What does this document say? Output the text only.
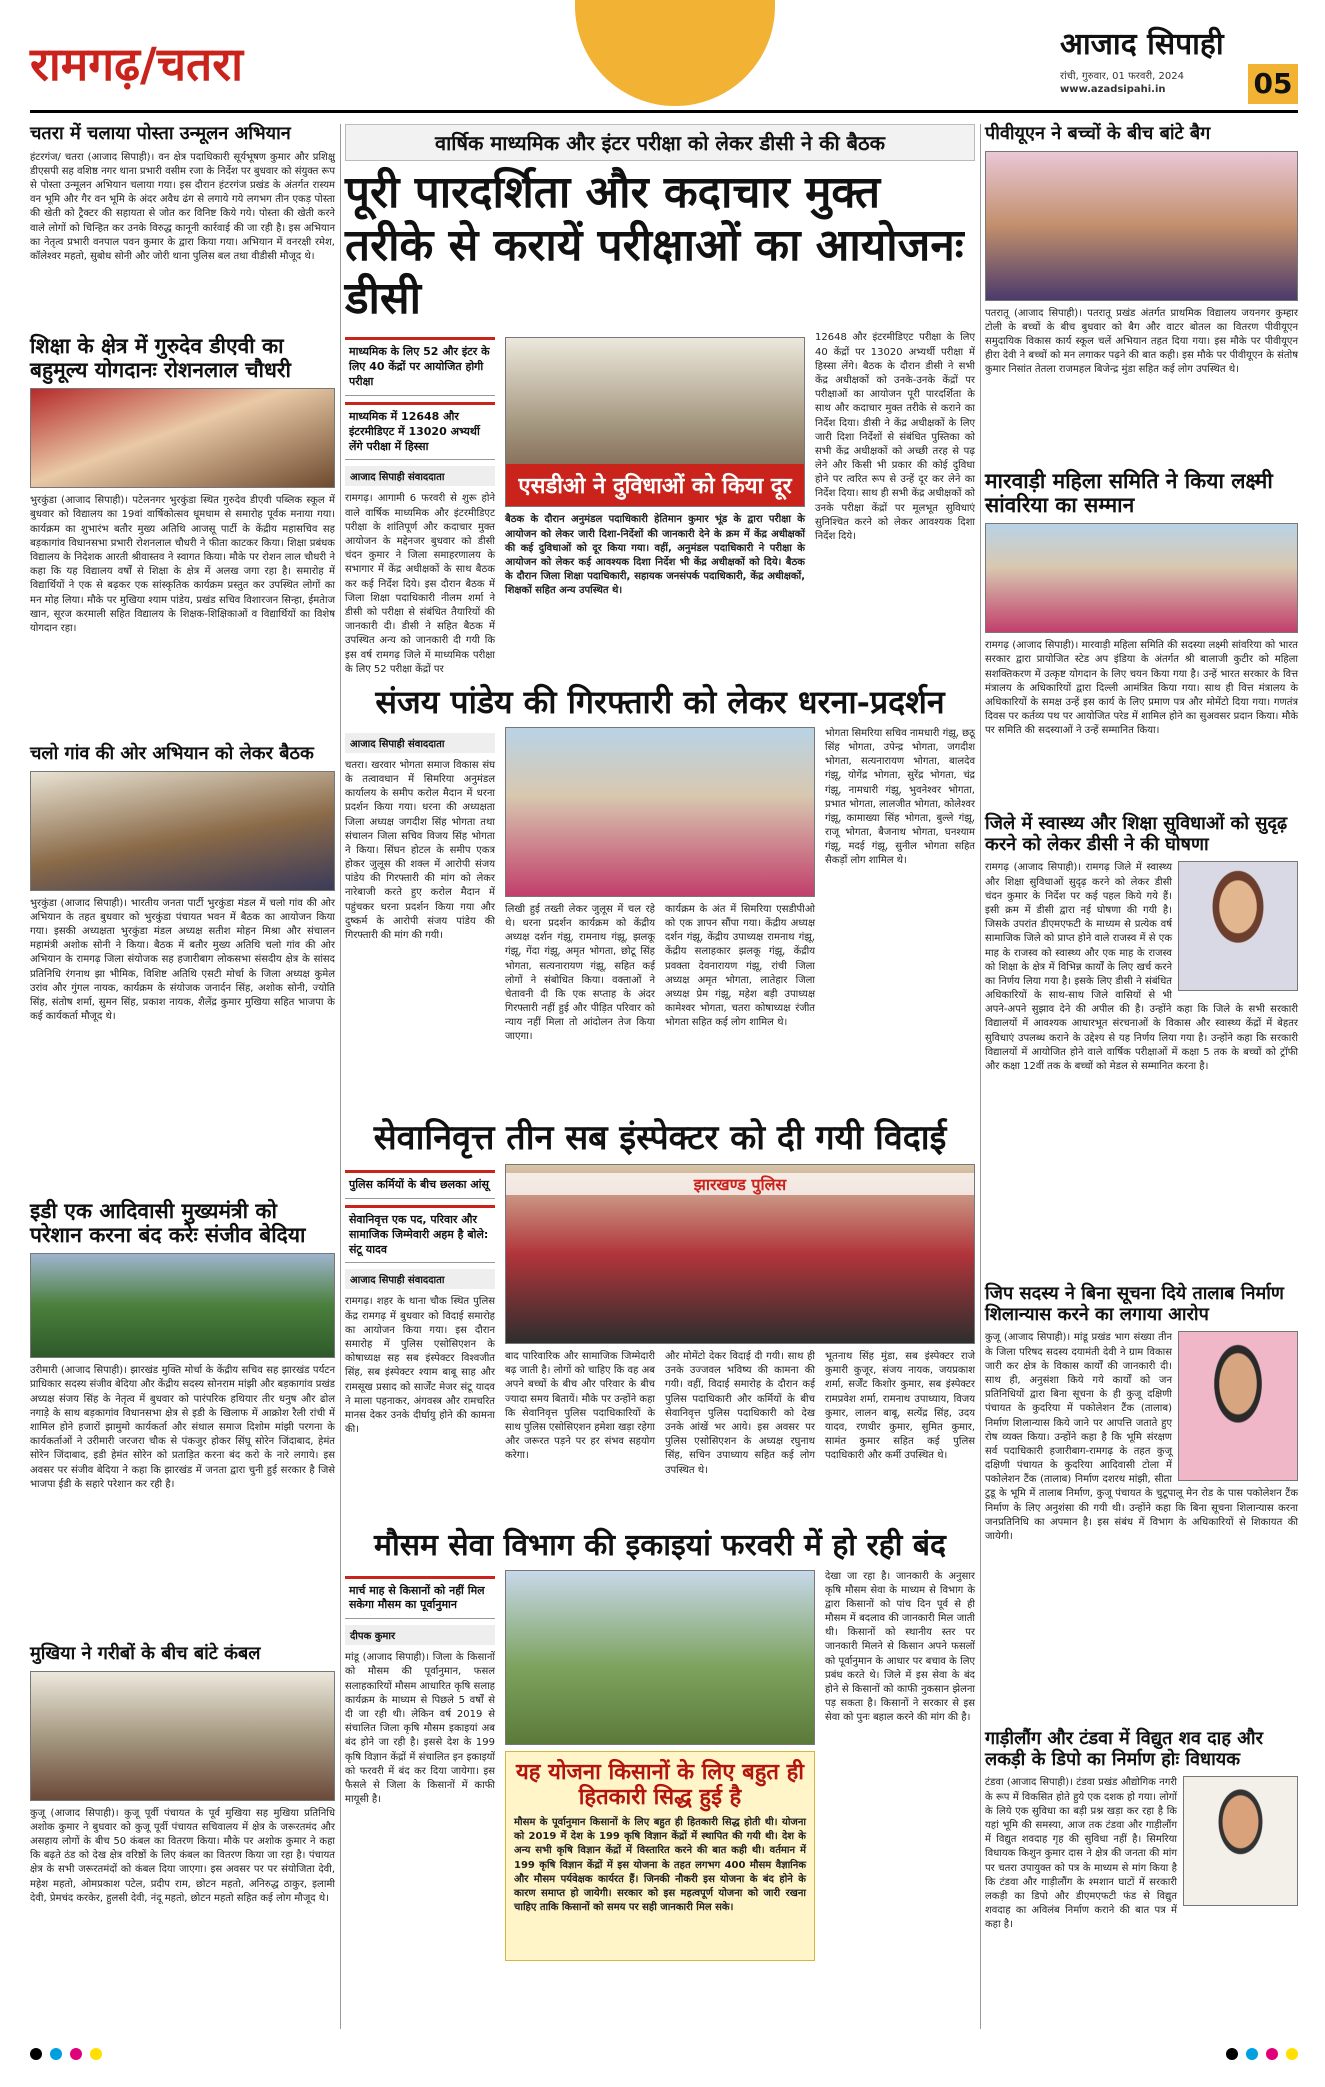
रामगढ़/चतरा	आजाद सिपाही
रांची, गुरुवार, 01 फरवरी, 2024
www.azadsipahi.in	05
चतरा में चलाया पोस्ता उन्मूलन अभियान
हंटरगंज/ चतरा (आजाद सिपाही)। वन क्षेत्र पदाधिकारी सूर्यभूषण कुमार और प्रशिक्षु डीएसपी सह वशिष्ठ नगर थाना प्रभारी वसीम रजा के निर्देश पर बुधवार को संयुक्त रूप से पोस्ता उन्मूलन अभियान चलाया गया। इस दौरान हंटरगंज प्रखंड के अंतर्गत रास्यम वन भूमि और गैर वन भूमि के अंदर अवैध ढंग से लगाये गये लगभग तीन एकड़ पोस्ता की खेती को ट्रैक्टर की सहायता से जोत कर विनिष्ट किये गये। पोस्ता की खेती करने वाले लोगों को चिन्हित कर उनके विरुद्ध कानूनी कार्रवाई की जा रही है। इस अभियान का नेतृत्व प्रभारी वनपाल पवन कुमार के द्वारा किया गया। अभियान में वनरक्षी रमेश, कॉलेश्वर महतो, सुबोध सोनी और जोरी थाना पुलिस बल तथा वीडीसी मौजूद थे।
शिक्षा के क्षेत्र में गुरुदेव डीएवी का बहुमूल्य योगदानः रोशनलाल चौधरी
भुरकुंडा (आजाद सिपाही)। पटेलनगर भुरकुंडा स्थित गुरुदेव डीएवी पब्लिक स्कूल में बुधवार को विद्यालय का 19वां वार्षिकोत्सव धूमधाम से समारोह पूर्वक मनाया गया। कार्यक्रम का शुभारंभ बतौर मुख्य अतिथि आजसू पार्टी के केंद्रीय महासचिव सह बड़कागांव विधानसभा प्रभारी रोशनलाल चौधरी ने फीता काटकर किया। शिक्षा प्रबंधक विद्यालय के निदेशक आरती श्रीवास्तव ने स्वागत किया। मौके पर रोशन लाल चौधरी ने कहा कि यह विद्यालय वर्षों से शिक्षा के क्षेत्र में अलख जगा रहा है। समारोह में विद्यार्थियों ने एक से बढ़कर एक सांस्कृतिक कार्यक्रम प्रस्तुत कर उपस्थित लोगों का मन मोह लिया। मौके पर मुखिया श्याम पांडेय, प्रखंड सचिव विशारजन सिन्हा, ईमतेाज खान, सूरज करमाली सहित विद्यालय के शिक्षक-शिक्षिकाओं व विद्यार्थियों का विशेष योगदान रहा।
चलो गांव की ओर अभियान को लेकर बैठक
भुरकुंडा (आजाद सिपाही)। भारतीय जनता पार्टी भुरकुंडा मंडल में चलो गांव की ओर अभियान के तहत बुधवार को भुरकुंडा पंचायत भवन में बैठक का आयोजन किया गया। इसकी अध्यक्षता भुरकुंडा मंडल अध्यक्ष सतीश मोहन मिश्रा और संचालन महामंत्री अशोक सोनी ने किया। बैठक में बतौर मुख्य अतिथि चलो गांव की ओर अभियान के रामगढ़ जिला संयोजक सह हजारीबाग लोकसभा संसदीय क्षेत्र के सांसद प्रतिनिधि रंगनाथ झा भीमिक, विशिष्ट अतिथि एसटी मोर्चा के जिला अध्यक्ष कुमेल उरांव और गुंगल नायक, कार्यक्रम के संयोजक जनार्दन सिंह, अशोक सोनी, ज्योति सिंह, संतोष शर्मा, सुमन सिंह, प्रकाश नायक, शैलेंद्र कुमार मुखिया सहित भाजपा के कई कार्यकर्ता मौजूद थे।
इडी एक आदिवासी मुख्यमंत्री को परेशान करना बंद करेः संजीव बेदिया
उरीमारी (आजाद सिपाही)। झारखंड मुक्ति मोर्चा के केंद्रीय सचिव सह झारखंड पर्यटन प्राधिकार सदस्य संजीव बेदिया और केंद्रीय सदस्य सोनराम मांझी और बड़कागांव प्रखंड अध्यक्ष संजय सिंह के नेतृत्व में बुधवार को पारंपरिक हथियार तीर धनुष और ढोल नगाड़े के साथ बड़कागांव विधानसभा क्षेत्र से इडी के खिलाफ में आक्रोश रैली रांची में शामिल होने हजारों झामुमो कार्यकर्ता और संथाल समाज दिशोम मांझी परगना के कार्यकर्ताओं ने उरीमारी जरजरा चौक से पंकजुर होकर सिंघू सोरेन जिंदाबाद, हेमंत सोरेन जिंदाबाद, इडी हेमंत सोरेन को प्रताड़ित करना बंद करो के नारे लगाये। इस अवसर पर संजीव बेदिया ने कहा कि झारखंड में जनता द्वारा चुनी हुई सरकार है जिसे भाजपा ईडी के सहारे परेशान कर रही है।
मुखिया ने गरीबों के बीच बांटे कंबल
कुजू (आजाद सिपाही)। कुजू पूर्वी पंचायत के पूर्व मुखिया सह मुखिया प्रतिनिधि अशोक कुमार ने बुधवार को कुजू पूर्वी पंचायत सचिवालय में क्षेत्र के जरूरतमंद और असहाय लोगों के बीच 50 कंबल का वितरण किया। मौके पर अशोक कुमार ने कहा कि बढ़ते ठंड को देख क्षेत्र वरिष्ठों के लिए कंबल का वितरण किया जा रहा है। पंचायत क्षेत्र के सभी जरूरतमंदों को कंबल दिया जाएगा। इस अवसर पर पर संयोजिता देवी, महेश महतो, ओमप्रकाश पटेल, प्रदीप राम, छोटन महतो, अनिरुद्ध ठाकुर, इलामी देवी, प्रेमचंद करकेर, हुलसी देवी, नंदू महतो, छोटन महतो सहित कई लोग मौजूद थे।
वार्षिक माध्यमिक और इंटर परीक्षा को लेकर डीसी ने की बैठक
पूरी पारदर्शिता और कदाचार मुक्त तरीके से करायें परीक्षाओं का आयोजनः डीसी
माध्यमिक के लिए 52 और इंटर के लिए 40 केंद्रों पर आयोजित होगी परीक्षा
माध्यमिक में 12648 और इंटरमीडिएट में 13020 अभ्यर्थी लेंगे परीक्षा में हिस्सा
आजाद सिपाही संवाददाता
रामगढ़। आगामी 6 फरवरी से शुरू होने वाले वार्षिक माध्यमिक और इंटरमीडिएट परीक्षा के शांतिपूर्ण और कदाचार मुक्त आयोजन के मद्देनजर बुधवार को डीसी चंदन कुमार ने जिला समाहरणालय के सभागार में केंद्र अधीक्षकों के साथ बैठक कर कई निर्देश दिये। इस दौरान बैठक में जिला शिक्षा पदाधिकारी नीलम शर्मा ने डीसी को परीक्षा से संबंधित तैयारियों की जानकारी दी। डीसी ने सहित बैठक में उपस्थित अन्य को जानकारी दी गयी कि इस वर्ष रामगढ़ जिले में माध्यमिक परीक्षा के लिए 52 परीक्षा केंद्रों पर
एसडीओ ने दुविधाओं को किया दूर
बैठक के दौरान अनुमंडल पदाधिकारी हेतिमान कुमार भूंड के द्वारा परीक्षा के आयोजन को लेकर जारी दिशा-निर्देशों की जानकारी देने के क्रम में केंद्र अधीक्षकों की कई दुविधाओं को दूर किया गया। वहीं, अनुमंडल पदाधिकारी ने परीक्षा के आयोजन को लेकर कई आवश्यक दिशा निर्देश भी केंद्र अधीक्षकों को दिये। बैठक के दौरान जिला शिक्षा पदाधिकारी, सहायक जनसंपर्क पदाधिकारी, केंद्र अधीक्षकों, शिक्षकों सहित अन्य उपस्थित थे।
12648 और इंटरमीडिएट परीक्षा के लिए 40 केंद्रों पर 13020 अभ्यर्थी परीक्षा में हिस्सा लेंगे। बैठक के दौरान डीसी ने सभी केंद्र अधीक्षकों को उनके-उनके केंद्रों पर परीक्षाओं का आयोजन पूरी पारदर्शिता के साथ और कदाचार मुक्त तरीके से कराने का निर्देश दिया। डीसी ने केंद्र अधीक्षकों के लिए जारी दिशा निर्देशों से संबंधित पुस्तिका को सभी केंद्र अधीक्षकों को अच्छी तरह से पढ़ लेने और किसी भी प्रकार की कोई दुविधा होने पर त्वरित रूप से उन्हें दूर कर लेने का निर्देश दिया। साथ ही सभी केंद्र अधीक्षकों को उनके परीक्षा केंद्रों पर मूलभूत सुविधाएं सुनिश्चित करने को लेकर आवश्यक दिशा निर्देश दिये।
संजय पांडेय की गिरफ्तारी को लेकर धरना-प्रदर्शन
आजाद सिपाही संवाददाता
चतरा। खरवार भोगता समाज विकास संघ के तत्वावधान में सिमरिया अनुमंडल कार्यालय के समीप करोल मैदान में धरना प्रदर्शन किया गया। धरना की अध्यक्षता जिला अध्यक्ष जगदीश सिंह भोगता तथा संचालन जिला सचिव विजय सिंह भोगता ने किया। सिंघन होटल के समीप एकत्र होकर जुलूस की शक्ल में आरोपी संजय पांडेय की गिरफ्तारी की मांग को लेकर नारेबाजी करते हुए करोल मैदान में पहुंचकर धरना प्रदर्शन किया गया और दुष्कर्म के आरोपी संजय पांडेय की गिरफ्तारी की मांग की गयी।
लिखी हुई तख्ती लेकर जुलूस में चल रहे थे। धरना प्रदर्शन कार्यक्रम को केंद्रीय अध्यक्ष दर्शन गंझू, रामनाथ गंझू, झलकू गंझू, गेंदा गंझू, अमृत भोगता, छोटू सिंह भोगता, सत्यनारायण गंझू, सहित कई लोगों ने संबोधित किया। वक्ताओं ने चेतावनी दी कि एक सप्ताह के अंदर गिरफ्तारी नहीं हुई और पीड़ित परिवार को न्याय नहीं मिला तो आंदोलन तेज किया जाएगा।
कार्यक्रम के अंत में सिमरिया एसडीपीओ को एक ज्ञापन सौंपा गया। केंद्रीय अध्यक्ष दर्शन गंझू, केंद्रीय उपाध्यक्ष रामनाथ गंझू, केंद्रीय सलाहकार झलकू गंझू, केंद्रीय प्रवक्ता देवनारायण गंझू, रांची जिला अध्यक्ष अमृत भोगता, लातेहार जिला अध्यक्ष प्रेम गंझू, महेश बड़ी उपाध्यक्ष कामेश्वर भोगता, चतरा कोषाध्यक्ष रंजीत भोगता सहित कई लोग शामिल थे।
भोगता सिमरिया सचिव नामधारी गंझू, छठू सिंह भोगता, उपेन्द्र भोगता, जगदीश भोगता, सत्यनारायण भोगता, बालदेव गंझू, योगेंद्र भोगता, सुरेंद्र भोगता, चंद्र गंझू, नामधारी गंझू, भुवनेश्वर भोगता, प्रभात भोगता, लालजीत भोगता, कोलेश्वर गंझू, कामाख्या सिंह भोगता, बुल्ले गंझू, राजू भोगता, बैजनाथ भोगता, घनश्याम गंझू, मदई गंझू, सुनील भोगता सहित सैकड़ों लोग शामिल थे।
सेवानिवृत्त तीन सब इंस्पेक्टर को दी गयी विदाई
पुलिस कर्मियों के बीच छलका आंसू
सेवानिवृत्त एक पद, परिवार और सामाजिक जिम्मेवारी अहम है बोले: संटू यादव
आजाद सिपाही संवाददाता
रामगढ़। शहर के थाना चौक स्थित पुलिस केंद्र रामगढ़ में बुधवार को विदाई समारोह का आयोजन किया गया। इस दौरान समारोह में पुलिस एसोसिएशन के कोषाध्यक्ष सह सब इंस्पेक्टर विश्वजीत सिंह, सब इंस्पेक्टर श्याम बाबू साह और रामसूख प्रसाद को सार्जेंट मेजर संटू यादव ने माला पहनाकर, अंगवस्त्र और रामचरित मानस देकर उनके दीर्घायु होने की कामना की।
झारखण्ड पुलिस
बाद पारिवारिक और सामाजिक जिम्मेदारी बढ़ जाती है। लोगों को चाहिए कि वह अब अपने बच्चों के बीच और परिवार के बीच ज्यादा समय बितायें। मौके पर उन्होंने कहा कि सेवानिवृत्त पुलिस पदाधिकारियों के साथ पुलिस एसोसिएशन हमेशा खड़ा रहेगा और जरूरत पड़ने पर हर संभव सहयोग करेगा।
और मोमेंटो देकर विदाई दी गयी। साथ ही उनके उज्जवल भविष्य की कामना की गयी। वहीं, विदाई समारोह के दौरान कई पुलिस पदाधिकारी और कर्मियों के बीच सेवानिवृत्त पुलिस पदाधिकारी को देख उनके आंखें भर आये। इस अवसर पर पुलिस एसोसिएशन के अध्यक्ष रघुनाथ सिंह, सचिन उपाध्याय सहित कई लोग उपस्थित थे।
भूतनाथ सिंह मुंडा, सब इंस्पेक्टर राजे कुमारी कुजूर, संजय नायक, जयप्रकाश शर्मा, सर्जेंट किशोर कुमार, सब इंस्पेक्टर रामप्रवेश शर्मा, रामनाथ उपाध्याय, विजय कुमार, लालन बाबू, सत्येंद्र सिंह, उदय यादव, रणधीर कुमार, सुमित कुमार, सामंत कुमार सहित कई पुलिस पदाधिकारी और कर्मी उपस्थित थे।
मौसम सेवा विभाग की इकाइयां फरवरी में हो रही बंद
मार्च माह से किसानों को नहीं मिल सकेगा मौसम का पूर्वानुमान
दीपक कुमार
मांडू (आजाद सिपाही)। जिला के किसानों को मौसम की पूर्वानुमान, फसल सलाहकारियों मौसम आधारित कृषि सलाह कार्यक्रम के माध्यम से पिछले 5 वर्षों से दी जा रही थी। लेकिन वर्ष 2019 से संचालित जिला कृषि मौसम इकाइयां अब बंद होने जा रही है। इससे देश के 199 कृषि विज्ञान केंद्रों में संचालित इन इकाइयों को फरवरी में बंद कर दिया जायेगा। इस फैसले से जिला के किसानों में काफी मायूसी है।
यह योजना किसानों के लिए बहुत ही हितकारी सिद्ध हुई है
मौसम के पूर्वानुमान किसानों के लिए बहुत ही हितकारी सिद्ध होती थी। योजना को 2019 में देश के 199 कृषि विज्ञान केंद्रों में स्थापित की गयी थी। देश के अन्य सभी कृषि विज्ञान केंद्रों में विस्तारित करने की बात कही थी। वर्तमान में 199 कृषि विज्ञान केंद्रों में इस योजना के तहत लगभग 400 मौसम वैज्ञानिक और मौसम पर्यवेक्षक कार्यरत हैं। जिनकी नौकरी इस योजना के बंद होने के कारण समाप्त हो जायेगी। सरकार को इस महत्वपूर्ण योजना को जारी रखना चाहिए ताकि किसानों को समय पर सही जानकारी मिल सके।
देखा जा रहा है। जानकारी के अनुसार कृषि मौसम सेवा के माध्यम से विभाग के द्वारा किसानों को पांच दिन पूर्व से ही मौसम में बदलाव की जानकारी मिल जाती थी। किसानों को स्थानीय स्तर पर जानकारी मिलने से किसान अपने फसलों को पूर्वानुमान के आधार पर बचाव के लिए प्रबंध करते थे। जिले में इस सेवा के बंद होने से किसानों को काफी नुकसान झेलना पड़ सकता है। किसानों ने सरकार से इस सेवा को पुनः बहाल करने की मांग की है।
पीवीयूएन ने बच्चों के बीच बांटे बैग
पतरातू (आजाद सिपाही)। पतरातू प्रखंड अंतर्गत प्राथमिक विद्यालय जयनगर कुम्हार टोली के बच्चों के बीच बुधवार को बैग और वाटर बोतल का वितरण पीवीयूएन समुदायिक विकास कार्य स्कूल चलें अभियान तहत दिया गया। इस मौके पर पीवीयूएन हीरा देवी ने बच्चों को मन लगाकर पढ़ने की बात कही। इस मौके पर पीवीयूएन के संतोष कुमार निसांत तेतला राजमहल बिजेन्द्र मुंडा सहित कई लोग उपस्थित थे।
मारवाड़ी महिला समिति ने किया लक्ष्मी सांवरिया का सम्मान
रामगढ़ (आजाद सिपाही)। मारवाड़ी महिला समिति की सदस्या लक्ष्मी सांवरिया को भारत सरकार द्वारा प्रायोजित स्टेड अप इंडिया के अंतर्गत श्री बालाजी कुटीर को महिला सशक्तिकरण में उत्कृष्ट योगदान के लिए चयन किया गया है। उन्हें भारत सरकार के वित्त मंत्रालय के अधिकारियों द्वारा दिल्ली आमंत्रित किया गया। साथ ही वित्त मंत्रालय के अधिकारियों के समक्ष उन्हें इस कार्य के लिए प्रमाण पत्र और मोमेंटो दिया गया। गणतंत्र दिवस पर कर्तव्य पथ पर आयोजित परेड में शामिल होने का सुअवसर प्रदान किया। मौके पर समिति की सदस्याओं ने उन्हें सम्मानित किया।
जिले में स्वास्थ्य और शिक्षा सुविधाओं को सुदृढ़ करने को लेकर डीसी ने की घोषणा
रामगढ़ (आजाद सिपाही)। रामगढ़ जिले में स्वास्थ्य और शिक्षा सुविधाओं सुदृढ़ करने को लेकर डीसी चंदन कुमार के निर्देश पर कई पहल किये गये हैं। इसी क्रम में डीसी द्वारा नई घोषणा की गयी है। जिसके उपरांत डीएमएफटी के माध्यम से प्रत्येक वर्ष सामाजिक जिले को प्राप्त होने वाले राजस्व में से एक माह के राजस्व को स्वास्थ्य और एक माह के राजस्व को शिक्षा के क्षेत्र में विभिन्न कार्यों के लिए खर्च करने का निर्णय लिया गया है। इसके लिए डीसी ने संबंधित अधिकारियों के साथ-साथ जिले वासियों से भी अपने-अपने सुझाव देने की अपील की है। उन्होंने कहा कि जिले के सभी सरकारी विद्यालयों में आवश्यक आधारभूत संरचनाओं के विकास और स्वास्थ्य केंद्रों में बेहतर सुविधाएं उपलब्ध कराने के उद्देश्य से यह निर्णय लिया गया है। उन्होंने कहा कि सरकारी विद्यालयों में आयोजित होने वाले वार्षिक परीक्षाओं में कक्षा 5 तक के बच्चों को ट्रॉफी और कक्षा 12वीं तक के बच्चों को मेडल से सम्मानित करना है।
जिप सदस्य ने बिना सूचना दिये तालाब निर्माण शिलान्यास करने का लगाया आरोप
कुजू (आजाद सिपाही)। मांडू प्रखंड भाग संख्या तीन के जिला परिषद सदस्य दयामंती देवी ने ग्राम विकास जारी कर क्षेत्र के विकास कार्यों की जानकारी दी। साथ ही, अनुसंशा किये गये कार्यों को जन प्रतिनिधियों द्वारा बिना सूचना के ही कुजू दक्षिणी पंचायत के कुदरिया में पकोलेशन टैंक (तालाब) निर्माण शिलान्यास किये जाने पर आपत्ति जताते हुए रोष व्यक्त किया। उन्होंने कहा है कि भूमि संरक्षण सर्व पदाधिकारी हजारीबाग-रामगढ़ के तहत कुजू दक्षिणी पंचायत के कुदरिया आदिवासी टोला में पकोलेशन टैंक (तालाब) निर्माण दशरथ मांझी, सीता टुडू के भूमि में तालाब निर्माण, कुजू पंचायत के चुटूपालू मेन रोड के पास पकोलेशन टैंक निर्माण के लिए अनुशंसा की गयी थी। उन्होंने कहा कि बिना सूचना शिलान्यास करना जनप्रतिनिधि का अपमान है। इस संबंध में विभाग के अधिकारियों से शिकायत की जायेगी।
गाड़ीलौंग और टंडवा में विद्युत शव दाह और लकड़ी के डिपो का निर्माण होः विधायक
टंडवा (आजाद सिपाही)। टंडवा प्रखंड औद्योगिक नगरी के रूप में विकसित होते हुये एक दशक हो गया। लोगों के लिये एक सुविधा का बड़ी प्रश्न खड़ा कर रहा है कि यहां भूमि की समस्या, आज तक टंडवा और गाड़ीलौंग में विद्युत शवदाह गृह की सुविधा नहीं है। सिमरिया विधायक किशुन कुमार दास ने क्षेत्र की जनता की मांग पर चतरा उपायुक्त को पत्र के माध्यम से मांग किया है कि टंडवा और गाड़ीलौंग के श्मशान घाटों में सरकारी लकड़ी का डिपो और डीएमएफटी फंड से विद्युत शवदाह का अविलंब निर्माण कराने की बात पत्र में कहा है।
